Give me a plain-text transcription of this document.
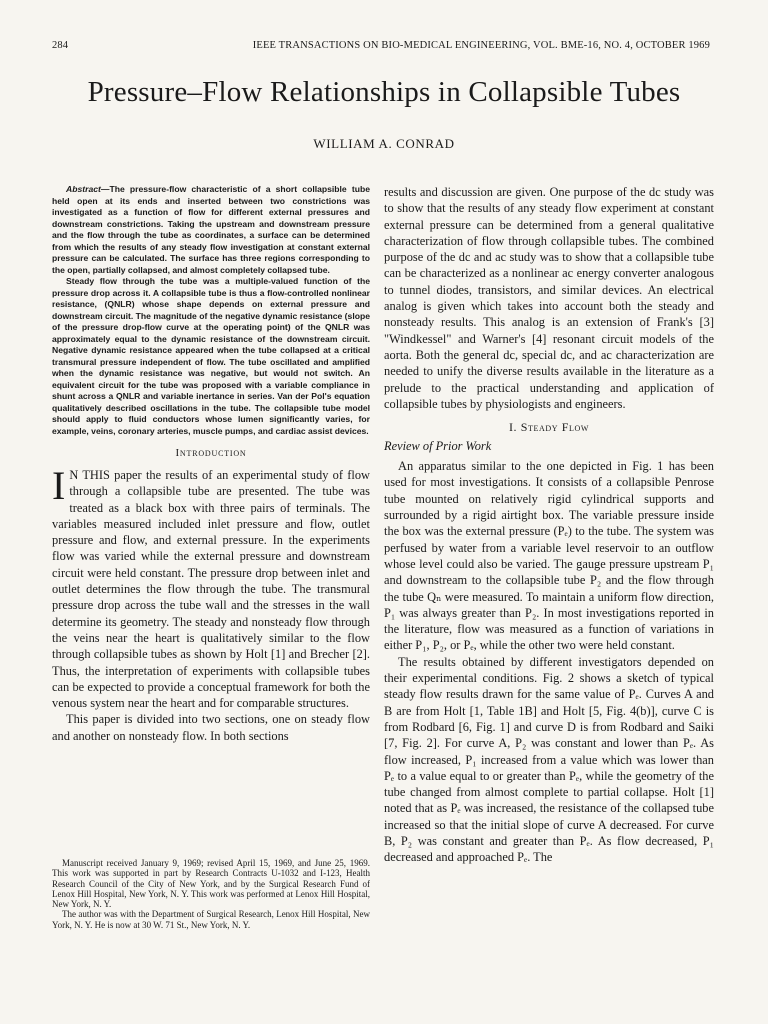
284	IEEE TRANSACTIONS ON BIO-MEDICAL ENGINEERING, VOL. BME-16, NO. 4, OCTOBER 1969
Pressure–Flow Relationships in Collapsible Tubes
WILLIAM A. CONRAD

Abstract—The pressure-flow characteristic of a short collapsible tube held open at its ends and inserted between two constrictions was investigated as a function of flow for different external pressures and downstream constrictions. Taking the upstream and downstream pressure and the flow through the tube as coordinates, a surface can be determined from which the results of any steady flow investigation at constant external pressure can be calculated. The surface has three regions corresponding to the open, partially collapsed, and almost completely collapsed tube.

Steady flow through the tube was a multiple-valued function of the pressure drop across it. A collapsible tube is thus a flow-controlled nonlinear resistance, (QNLR) whose shape depends on external pressure and downstream circuit. The magnitude of the negative dynamic resistance (slope of the pressure drop-flow curve at the operating point) of the QNLR was approximately equal to the dynamic resistance of the downstream circuit. Negative dynamic resistance appeared when the tube collapsed at a critical transmural pressure independent of flow. The tube oscillated and amplified when the dynamic resistance was negative, but would not switch. An equivalent circuit for the tube was proposed with a variable compliance in shunt across a QNLR and variable inertance in series. Van der Pol's equation qualitatively described oscillations in the tube. The collapsible tube model should apply to fluid conductors whose lumen significantly varies, for example, veins, coronary arteries, muscle pumps, and cardiac assist devices.

Introduction

I N THIS paper the results of an experimental study of flow through a collapsible tube are presented. The tube was treated as a black box with three pairs of terminals. The variables measured included inlet pressure and flow, outlet pressure and flow, and external pressure. In the experiments flow was varied while the external pressure and downstream circuit were held constant. The pressure drop between inlet and outlet determines the flow through the tube. The transmural pressure drop across the tube wall and the stresses in the wall determine its geometry. The steady and nonsteady flow through the veins near the heart is qualitatively similar to the flow through collapsible tubes as shown by Holt [1] and Brecher [2]. Thus, the interpretation of experiments with collapsible tubes can be expected to provide a conceptual framework for both the venous system near the heart and for comparable structures.

This paper is divided into two sections, one on steady flow and another on nonsteady flow. In both sections

Manuscript received January 9, 1969; revised April 15, 1969, and June 25, 1969. This work was supported in part by Research Contracts U-1032 and I-123, Health Research Council of the City of New York, and by the Surgical Research Fund of Lenox Hill Hospital, New York, N. Y. This work was performed at Lenox Hill Hospital, New York, N. Y.

The author was with the Department of Surgical Research, Lenox Hill Hospital, New York, N. Y. He is now at 30 W. 71 St., New York, N. Y.

results and discussion are given. One purpose of the dc study was to show that the results of any steady flow experiment at constant external pressure can be determined from a general qualitative characterization of flow through collapsible tubes. The combined purpose of the dc and ac study was to show that a collapsible tube can be characterized as a nonlinear ac energy converter analogous to tunnel diodes, transistors, and similar devices. An electrical analog is given which takes into account both the steady and nonsteady results. This analog is an extension of Frank's [3] "Windkessel" and Warner's [4] resonant circuit models of the aorta. Both the general dc, special dc, and ac characterization are needed to unify the diverse results available in the literature as a prelude to the practical understanding and application of collapsible tubes by physiologists and engineers.

I. Steady Flow
Review of Prior Work

An apparatus similar to the one depicted in Fig. 1 has been used for most investigations. It consists of a collapsible Penrose tube mounted on relatively rigid cylindrical supports and surrounded by a rigid airtight box. The variable pressure inside the box was the external pressure (Pₑ) to the tube. The system was perfused by water from a variable level reservoir to an outflow whose level could also be varied. The gauge pressure upstream P₁ and downstream to the collapsible tube P₂ and the flow through the tube Qₙ were measured. To maintain a uniform flow direction, P₁ was always greater than P₂. In most investigations reported in the literature, flow was measured as a function of variations in either P₁, P₂, or Pₑ, while the other two were held constant.

The results obtained by different investigators depended on their experimental conditions. Fig. 2 shows a sketch of typical steady flow results drawn for the same value of Pₑ. Curves A and B are from Holt [1, Table 1B] and Holt [5, Fig. 4(b)], curve C is from Rodbard [6, Fig. 1] and curve D is from Rodbard and Saiki [7, Fig. 2]. For curve A, P₂ was constant and lower than Pₑ. As flow increased, P₁ increased from a value which was lower than Pₑ to a value equal to or greater than Pₑ, while the geometry of the tube changed from almost complete to partial collapse. Holt [1] noted that as Pₑ was increased, the resistance of the collapsed tube increased so that the initial slope of curve A decreased. For curve B, P₂ was constant and greater than Pₑ. As flow decreased, P₁ decreased and approached Pₑ. The
